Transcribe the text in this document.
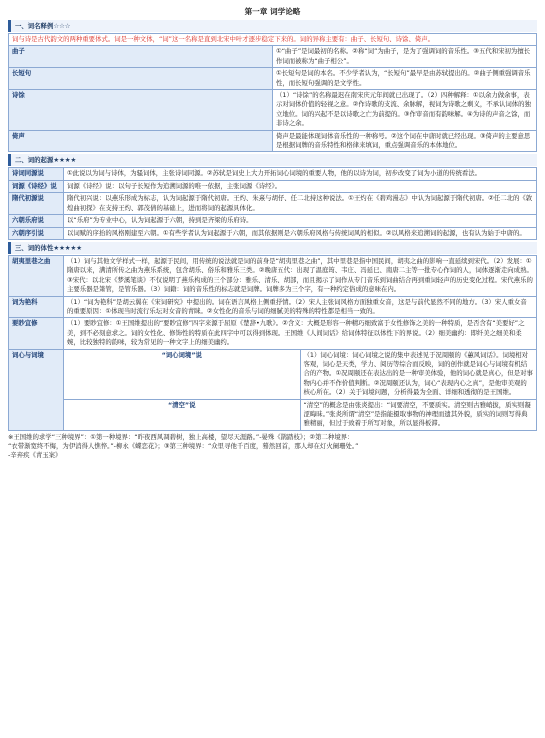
第一章 词学论略
一、词名释例☆☆☆
词与诗是古代韵文的两种重要体式。词是一种文体，“词”这一名称是直到北宋中叶才逐步稳定下来的。词的异称主要有：曲子、长短句、诗馀、倚声。	
曲子	①“曲子”是词最初的名称。②称“词”为曲子，是为了强调词的音乐性。③五代和宋初为擅长作词而被称为“曲子相公”。
长短句	①长短句是词的本名。不少学者认为，“长短句”最早是由苏轼提出的。②曲子侧重强调音乐性，而长短句强调的是文学性。
诗馀	（1）“诗馀”的名称最迟在南宋庆元年间就已出现了。（2）四种解释：①以余力做余事，表示对词体价值的轻视之意。②作诗歌的支流、余脉解，视词为诗歌之剩义，不承认词体的独立地位。词的兴起不是以诗歌之亡为前提的。③作审音而有韵味解。④为诗的声音之馀，而非诗之余。
倚声	倚声是最能体现词体音乐性的一种称号。②这个词在中唐时就已经出现。③倚声的主要意思是根据词牌的音乐特性和格律来填词，重点强调音乐的本体地位。
二、词的起源★★★★
诗词同源说	①此说以为词与诗体，为骚词体，主张诗词同源。②苏轼是词史上大力开拓词心词境的重要人物，他的以诗为词，初步改变了词为小道的传统看法。
词源《诗经》说	词源《诗经》说：以句子长短作为追溯词源的唯一依据，主张词源《诗经》。
隋代初源说	隋代初兴说：以燕乐形成为标志，认为词起源于隋代初唐。王灼、朱熹与胡仔、任二北持这种说法。①王灼在《碧鸡漫志》中认为词起源于隋代初唐。②任二北的《敦煌曲初探》在支持王灼、郭茂倩的基础上，进而将词的起源具体化。
六朝乐府说	以“乐府”为专业中心，认为词起源于六朝，持到是齐梁的乐府诗。
六朝序引说	以词赋的序抬的风格刚建至六朝。①有些学者认为词起源于六朝，而其依据则是六朝乐府风格与传统词风的相似。②以风格来追溯词的起源，也有认为始于中唐的。
三、词的体性★★★★★
胡夷里巷之曲	（1）词与其他文学样式一样，起源于民间，用传统的说法就是词的前身是“胡夷里巷之曲”，其中里巷是指中国民间，胡夷之曲的影响一直延续到宋代。（2）发展：①隋唐以来，满清所传之曲为燕乐系统，包含胡乐、俗乐和雅乐三类。②晚唐五代：出现了温庭筠、韦庄、冯延巳、南唐二主等一批专心作词的人，词体逐渐走向成熟。③宋代：以北宋《梦溪笔谈》不仅说明了燕乐构成的三个部分：雅乐、清乐、胡部，而且揭示了词作从专门音乐到词曲结合再到重词轻声的历史变化过程。宋代燕乐的主要乐器是箫管，是管乐器。（3）词籍：词的音乐性的标志就是词牌。词牌多为三个字，有一种约定俗成的意味在内。	
词为艳科	（1）“词为艳科”是胡云翼在《宋词研究》中提出的。词在语言风格上侧重抒情。（2）宋人主张词风格方面独重女音，这是与前代显然不同的地方。（3）宋人重女音的重要原因：①体现当时流行乐坛对女音的青睐。②女性化的音乐与词的细腻美的特殊的特性都是相当一致的。	
要眇宜修	（1）要眇宜修：①王国维提出的“要眇宜修”四字来源于屈原《楚辞•九歌》。②含义：大概是形容一种精巧细致富于女性修饰之美的一种特质，是否含有“美要好”之美，到不必刻意求之。词的女性化、修饰性的特质在此四字中可以得到体现。王国维《人间词话》给词体特征以体性下的界说。（2）细美幽约：即纤美之细美和柔婉，比较独特的韵味，较为常见的一种文字上的细美幽约。	
词心与词境	“词心词境”说	（1）词心词境：词心词境之说的集中表述见于况周颐的《蕙风词话》。词境相对客观，词心是天类，学力、阅历等综合而反映，词的创作就是词心与词境有机结合的产物。①况周颐还在表达出的是一种审美体验，他的词心就是真心，但是对事物内心并不作价值判断。②况周颐还认为，词心“表现内心之真”，是他审美观的核心所在。（2）关于词境问题，分析得最为全面、详细和透彻的是王国维。
	“清空”说	“清空”的概念是由张炎提出：“词要清空，不要质实。清空则古雅峭拔，质实则凝涩晦昧。”张炎所谓“清空”是指能摄取事物的神理而遗其外貌，质实的词则写得典雅精丽，但过于致着于所写对象，所以显得板滞。
※王国维的求学“三种境界”：①第一种境界：“昨夜西风凋碧树，独上高楼，望尽天涯路。”-晏殊《鹊踏枝》；②第二种境界：
“衣带渐宽终不悔，为伊消得人憔悴。”-柳永《蝶恋花》；③第三种境界：“众里寻他千百度，蓦然回首，那人却在灯火阑珊处。”
-辛弃疾《青玉案》
